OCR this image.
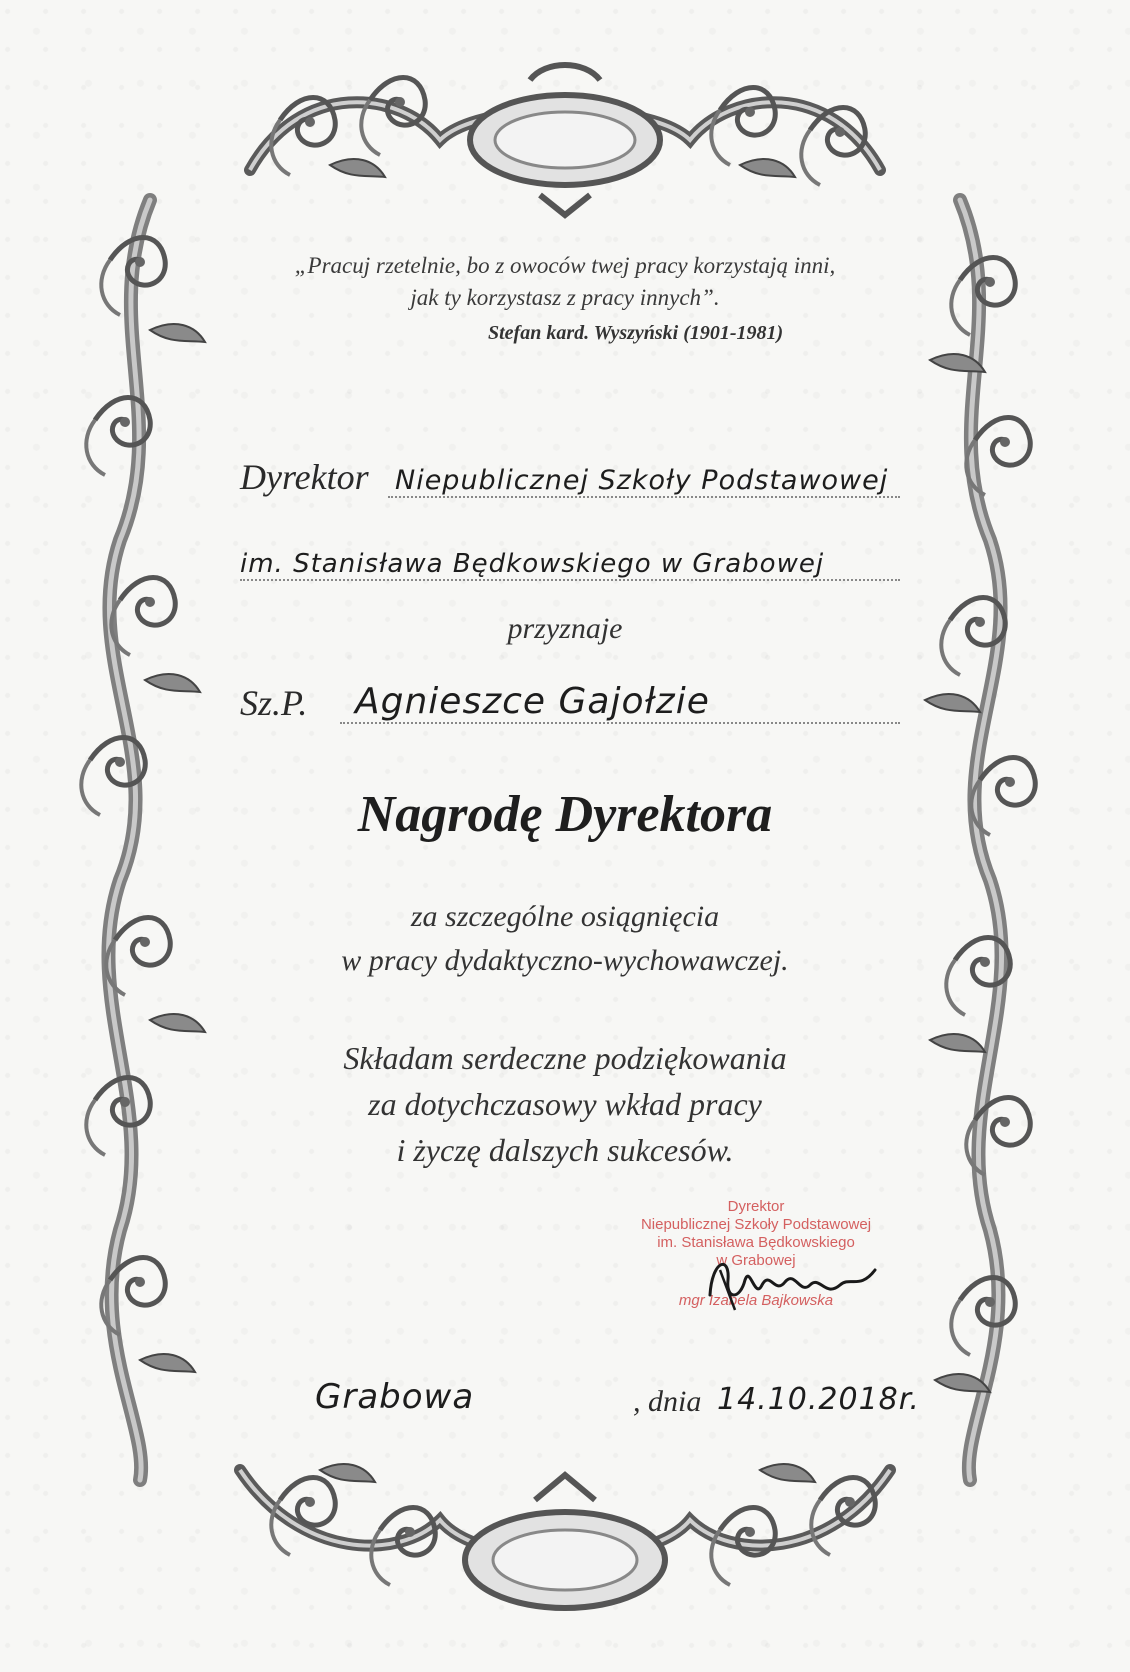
„Pracuj rzetelnie, bo z owoców twej pracy korzystają inni,
jak ty korzystasz z pracy innych”.
Stefan kard. Wyszyński (1901-1981)
Dyrektor Niepublicznej Szkoły Podstawowej
im. Stanisława Będkowskiego w Grabowej
przyznaje
Sz.P. Agnieszce Gajołzie
Nagrodę Dyrektora
za szczególne osiągnięcia
w pracy dydaktyczno-wychowawczej.
Składam serdeczne podziękowania
za dotychczasowy wkład pracy
i życzę dalszych sukcesów.
Dyrektor
Niepublicznej Szkoły Podstawowej
im. Stanisława Będkowskiego
w Grabowej
mgr Izabela Bajkowska
Grabowa	, dnia 14.10.2018r.
